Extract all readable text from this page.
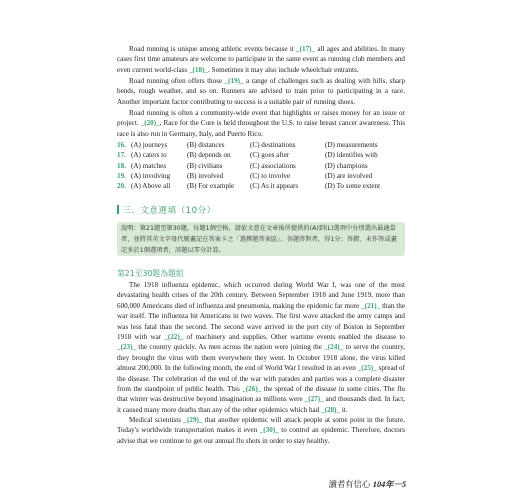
Road running is unique among athletic events because it _(17)_ all ages and abilities. In many cases first time amateurs are welcome to participate in the same event as running club members and even current world-class _(18)_. Sometimes it may also include wheelchair entrants.

Road running often offers those _(19)_ a range of challenges such as dealing with hills, sharp bends, rough weather, and so on. Runners are advised to train prior to participating in a race. Another important factor contributing to success is a suitable pair of running shoes.

Road running is often a community-wide event that highlights or raises money for an issue or project. _(20)_, Race for the Cure is held throughout the U.S. to raise breast cancer awareness. This race is also run in Germany, Italy, and Puerto Rico.

16.	(A) journeys	(B) distances	(C) destinations	(D) measurements
17.	(A) caters to	(B) depends on	(C) goes after	(D) identifies with
18.	(A) matches	(B) civilians	(C) associations	(D) champions
19.	(A) involving	(B) involved	(C) to involve	(D) are involved
20.	(A) Above all	(B) For example	(C) As it appears	(D) To some extent
三、文意選填（10分）
說明：第21題至第30題，每題1個空格，請依文意在文章後所提供的(A)到(L)選項中分別選出最適當者，並將其英文字母代號畫記在答案卡之「選擇題答案區」。各題答對者，得1分；答錯、未作答或畫記多於1個選項者，該題以零分計算。
第21至30題為題組

The 1918 influenza epidemic, which occurred during World War I, was one of the most devastating health crises of the 20th century. Between September 1918 and June 1919, more than 600,000 Americans died of influenza and pneumonia, making the epidemic far more _(21)_ than the war itself. The influenza hit Americans in two waves. The first wave attacked the army camps and was less fatal than the second. The second wave arrived in the port city of Boston in September 1918 with war _(22)_ of machinery and supplies. Other wartime events enabled the disease to _(23)_ the country quickly. As men across the nation were joining the _(24)_ to serve the country, they brought the virus with them everywhere they went. In October 1918 alone, the virus killed almost 200,000. In the following month, the end of World War I resulted in an even _(25)_ spread of the disease. The celebration of the end of the war with parades and parties was a complete disaster from the standpoint of public health. This _(26)_ the spread of the disease in some cities. The flu that winter was destructive beyond imagination as millions were _(27)_ and thousands died. In fact, it caused many more deaths than any of the other epidemics which had _(28)_ it.

Medical scientists _(29)_ that another epidemic will attack people at some point in the future. Today's worldwide transportation makes it even _(30)_ to control an epidemic. Therefore, doctors advise that we continue to get our annual flu shots in order to stay healthy.

讀者有信心 104年－5
